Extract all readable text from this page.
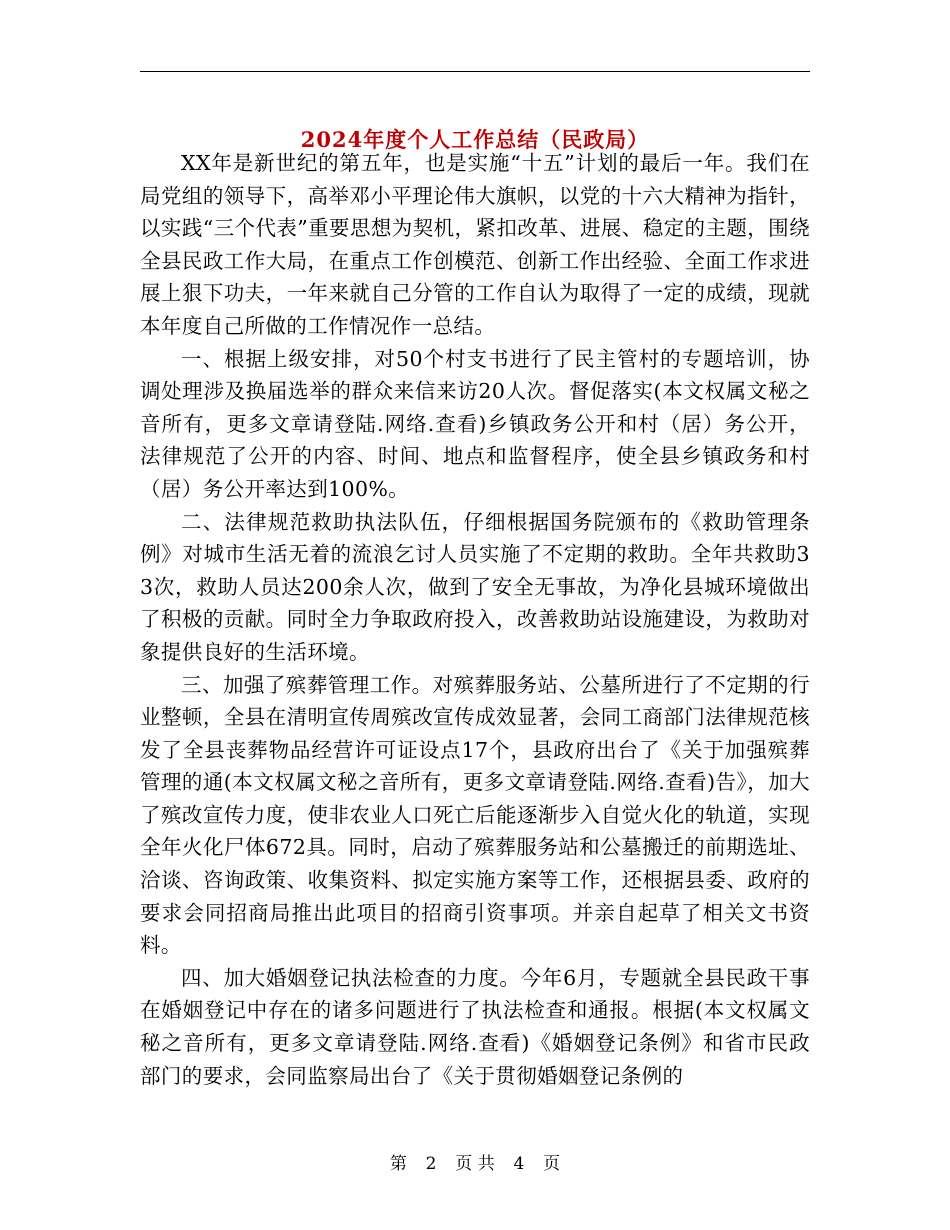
2024年度个人工作总结（民政局）

XX年是新世纪的第五年，也是实施“十五”计划的最后一年。我们在局党组的领导下，高举邓小平理论伟大旗帜，以党的十六大精神为指针，以实践“三个代表”重要思想为契机，紧扣改革、进展、稳定的主题，围绕全县民政工作大局，在重点工作创模范、创新工作出经验、全面工作求进展上狠下功夫，一年来就自己分管的工作自认为取得了一定的成绩，现就本年度自己所做的工作情况作一总结。

一、根据上级安排，对50个村支书进行了民主管村的专题培训，协调处理涉及换届选举的群众来信来访20人次。督促落实(本文权属文秘之音所有，更多文章请登陆.网络.查看)乡镇政务公开和村（居）务公开，法律规范了公开的内容、时间、地点和监督程序，使全县乡镇政务和村（居）务公开率达到100%。

二、法律规范救助执法队伍，仔细根据国务院颁布的《救助管理条例》对城市生活无着的流浪乞讨人员实施了不定期的救助。全年共救助33次，救助人员达200余人次，做到了安全无事故，为净化县城环境做出了积极的贡献。同时全力争取政府投入，改善救助站设施建设，为救助对象提供良好的生活环境。

三、加强了殡葬管理工作。对殡葬服务站、公墓所进行了不定期的行业整顿，全县在清明宣传周殡改宣传成效显著，会同工商部门法律规范核发了全县丧葬物品经营许可证设点17个，县政府出台了《关于加强殡葬管理的通(本文权属文秘之音所有，更多文章请登陆.网络.查看)告》，加大了殡改宣传力度，使非农业人口死亡后能逐渐步入自觉火化的轨道，实现全年火化尸体672具。同时，启动了殡葬服务站和公墓搬迁的前期选址、洽谈、咨询政策、收集资料、拟定实施方案等工作，还根据县委、政府的要求会同招商局推出此项目的招商引资事项。并亲自起草了相关文书资料。

四、加大婚姻登记执法检查的力度。今年6月，专题就全县民政干事在婚姻登记中存在的诸多问题进行了执法检查和通报。根据(本文权属文秘之音所有，更多文章请登陆.网络.查看)《婚姻登记条例》和省市民政部门的要求，会同监察局出台了《关于贯彻婚姻登记条例的

第 2 页 共 4 页
